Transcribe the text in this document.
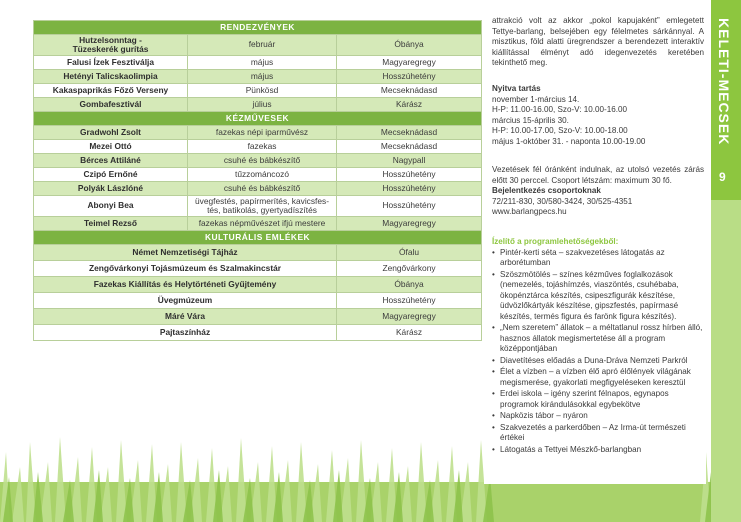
KELETI-MECSEK
9
RENDEZVÉNYEK		
Hutzelsonntag -
Tüzeskerék gurítás	február	Óbánya
Falusi Ízek Fesztiválja	május	Magyaregregy
Hetényi Talicskaolimpia	május	Hosszúhetény
Kakaspaprikás Főző Verseny	Pünkösd	Mecseknádasd
Gombafesztivál	július	Kárász
KÉZMŰVESEK		
Gradwohl Zsolt	fazekas népi iparművész	Mecseknádasd
Mezei Ottó	fazekas	Mecseknádasd
Bérces Attiláné	csuhé és bábkészítő	Nagypall
Czipó Ernőné	tűzzománcozó	Hosszúhetény
Polyák Lászlóné	csuhé és bábkészítő	Hosszúhetény
Abonyi Bea	üvegfestés, papírmerítés, kavicsfes-
tés, batikolás, gyertyadíszítés	Hosszúhetény
Teimel Rezső	fazekas népművészet ifjú mestere	Magyaregregy
KULTURÁLIS EMLÉKEK		
Német Nemzetiségi Tájház		Ófalu
Zengővárkonyi Tojásmúzeum és Szalmakincstár		Zengővárkony
Fazekas Kiállítás és Helytörténeti Gyűjtemény		Óbánya
Üvegmúzeum		Hosszúhetény
Máré Vára		Magyaregregy
Pajtaszínház		Kárász

attrakció volt az akkor „pokol kapujaként” emlegetett Tettye-barlang, belsejében egy félelmetes sárkánnyal. A misztikus, föld alatti üregrendszer a berendezett interaktív kiállítással élményt adó idegenvezetés keretében tekinthető meg.

Nyitva tartás

november 1-március 14.

H-P: 11.00-16.00, Szo-V: 10.00-16.00

március 15-április 30.

H-P: 10.00-17.00, Szo-V: 10.00-18.00

május 1-október 31. - naponta 10.00-19.00

Vezetések fél óránként indulnak, az utolsó vezetés zárás előtt 30 perccel. Csoport létszám: maximum 30 fő.

Bejelentkezés csoportoknak

72/211-830, 30/580-3424, 30/525-4351

www.barlangpecs.hu

Ízelítő a programlehetőségekből:
• Pintér-kerti séta – szakvezetéses látogatás az arborétumban
• Szöszmötölés – színes kézműves foglalkozások (nemezelés, tojáshímzés, viaszöntés, csuhébaba, ökopénztárca készítés, csipeszfigurák készítése, üdvözlőkártyák készítése, gipszfestés, papírmasé készítés, termés figura és farönk figura készítés).
• „Nem szeretem” állatok – a méltatlanul rossz hírben álló, hasznos állatok megismertetése áll a program középpontjában
• Diavetítéses előadás a Duna-Dráva Nemzeti Parkról
• Élet a vízben – a vízben élő apró élőlények világának megismerése, gyakorlati megfigyeléseken keresztül
• Erdei iskola – igény szerint félnapos, egynapos programok kirándulásokkal egybekötve
• Napközis tábor – nyáron
• Szakvezetés a parkerdőben – Az Irma-út természeti értékei
• Látogatás a Tettyei Mészkő-barlangban
